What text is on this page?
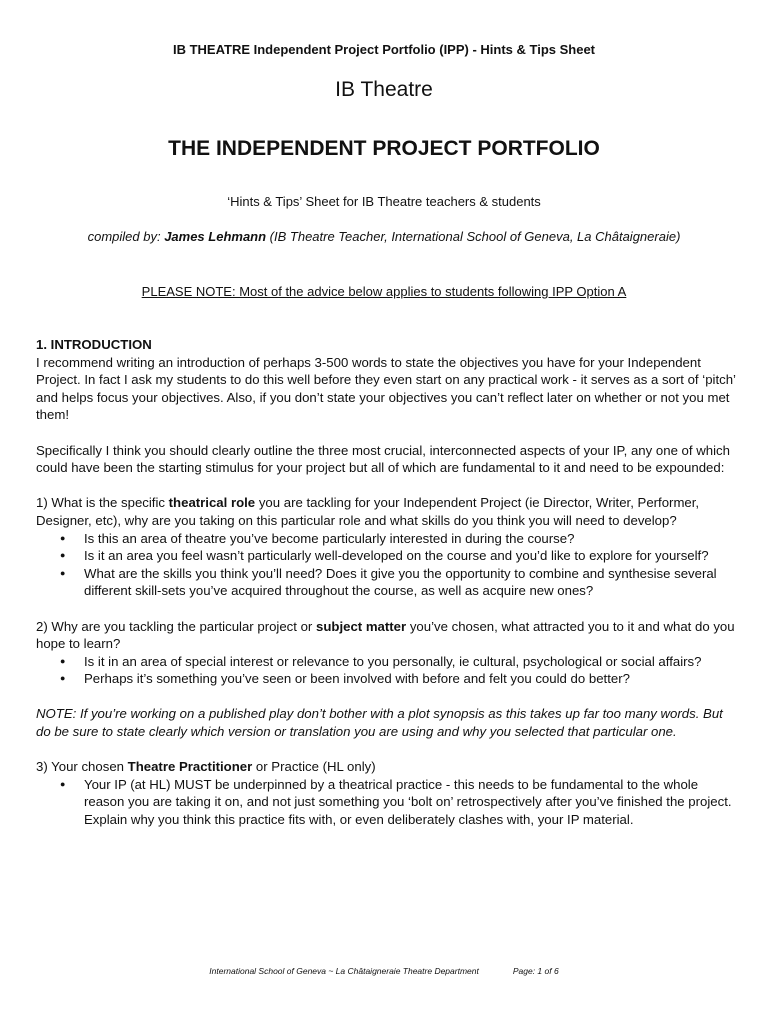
IB THEATRE Independent Project Portfolio (IPP) - Hints & Tips Sheet
IB Theatre
THE INDEPENDENT PROJECT PORTFOLIO
‘Hints & Tips’ Sheet for IB Theatre teachers & students
compiled by: James Lehmann (IB Theatre Teacher, International School of Geneva, La Châtaigneraie)
PLEASE NOTE: Most of the advice below applies to students following IPP Option A

1. INTRODUCTION

I recommend writing an introduction of perhaps 3-500 words to state the objectives you have for your Independent Project. In fact I ask my students to do this well before they even start on any practical work - it serves as a sort of ‘pitch’ and helps focus your objectives. Also, if you don’t state your objectives you can’t reflect later on whether or not you met them!

Specifically I think you should clearly outline the three most crucial, interconnected aspects of your IP, any one of which could have been the starting stimulus for your project but all of which are fundamental to it and need to be expounded:

1) What is the specific theatrical role you are tackling for your Independent Project (ie Director, Writer, Performer, Designer, etc), why are you taking on this particular role and what skills do you think you will need to develop?

● Is this an area of theatre you’ve become particularly interested in during the course?
● Is it an area you feel wasn’t particularly well-developed on the course and you’d like to explore for yourself?
● What are the skills you think you’ll need? Does it give you the opportunity to combine and synthesise several different skill-sets you’ve acquired throughout the course, as well as acquire new ones?

2) Why are you tackling the particular project or subject matter you’ve chosen, what attracted you to it and what do you hope to learn?

● Is it in an area of special interest or relevance to you personally, ie cultural, psychological or social affairs?
● Perhaps it’s something you’ve seen or been involved with before and felt you could do better?

NOTE: If you’re working on a published play don’t bother with a plot synopsis as this takes up far too many words. But do be sure to state clearly which version or translation you are using and why you selected that particular one.

3) Your chosen Theatre Practitioner or Practice (HL only)

● Your IP (at HL) MUST be underpinned by a theatrical practice - this needs to be fundamental to the whole reason you are taking it on, and not just something you ‘bolt on’ retrospectively after you’ve finished the project. Explain why you think this practice fits with, or even deliberately clashes with, your IP material.
International School of Geneva ~ La Châtaigneraie Theatre Department	Page: 1 of 6
